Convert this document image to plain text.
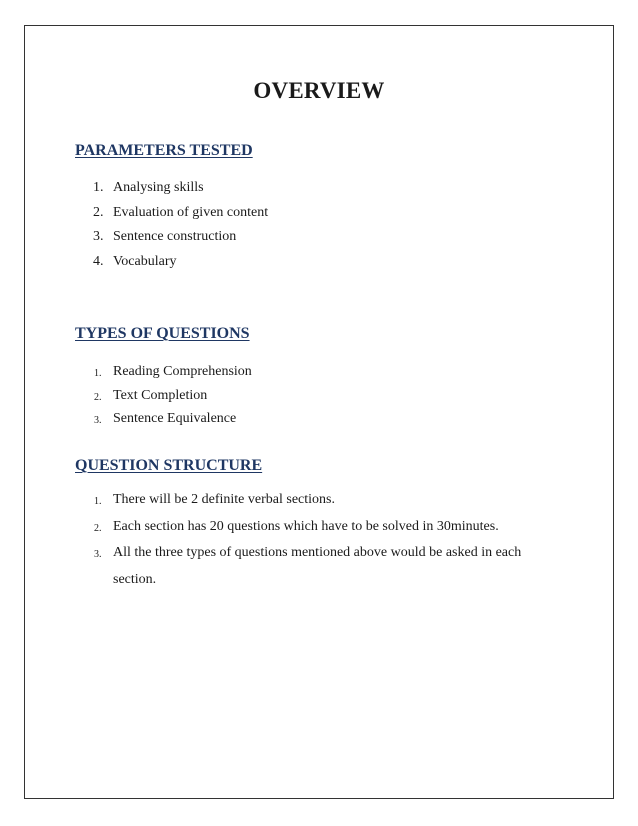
OVERVIEW
PARAMETERS TESTED
1. Analysing skills
2. Evaluation of given content
3. Sentence construction
4. Vocabulary
TYPES OF QUESTIONS
1. Reading Comprehension
2. Text Completion
3. Sentence Equivalence
QUESTION STRUCTURE
1. There will be 2 definite verbal sections.
2. Each section has 20 questions which have to be solved in 30minutes.
3. All the three types of questions mentioned above would be asked in each section.
